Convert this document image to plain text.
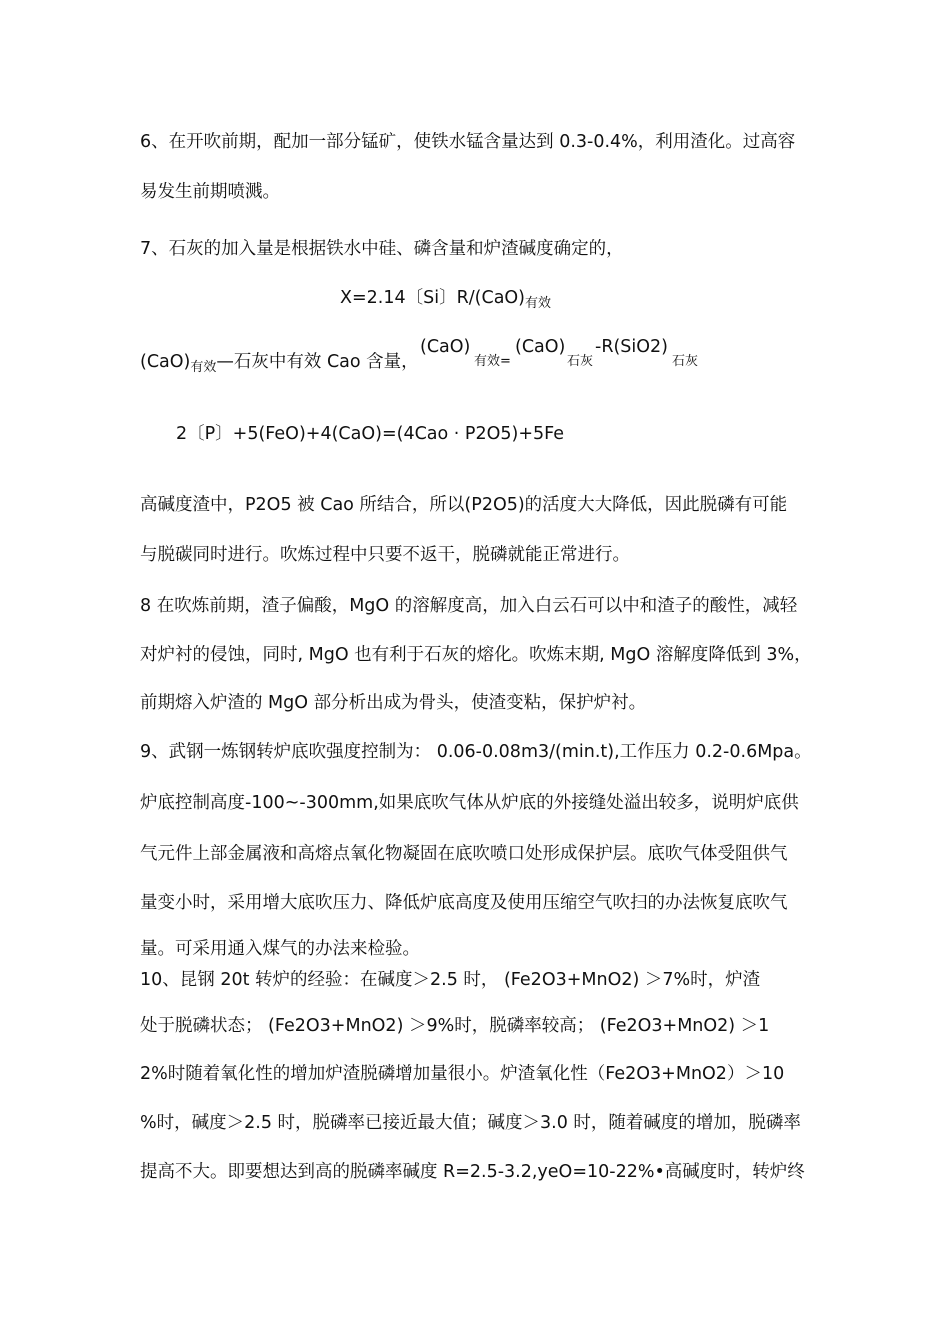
6、在开吹前期，配加一部分锰矿，使铁水锰含量达到 0.3-0.4%，利用渣化。过高容
易发生前期喷溅。
7、石灰的加入量是根据铁水中硅、磷含量和炉渣碱度确定的，
X=2.14〔Si〕$R/(CaO)_{有效}$
$(CaO)_{有效}—$石灰中有效 Cao 含量，
(CaO)
有效=
(CaO)
石灰
-R(SiO2)
石灰
2〔P〕+5(FeO)+4(CaO)=(4Cao · P2O5)+5Fe
高碱度渣中，P2O5 被 Cao 所结合，所以(P2O5)的活度大大降低，因此脱磷有可能
与脱碳同时进行。吹炼过程中只要不返干，脱磷就能正常进行。
8 在吹炼前期，渣子偏酸，MgO 的溶解度高，加入白云石可以中和渣子的酸性，减轻
对炉衬的侵蚀，同时, MgO 也有利于石灰的熔化。吹炼末期, MgO 溶解度降低到 3%，
前期熔入炉渣的 MgO 部分析出成为骨头，使渣变粘，保护炉衬。
9、武钢一炼钢转炉底吹强度控制为： 0.06-0.08m3/(min.t),工作压力 0.2-0.6Mpa。
炉底控制高度-100~-300mm,如果底吹气体从炉底的外接缝处溢出较多，说明炉底供
气元件上部金属液和高熔点氧化物凝固在底吹喷口处形成保护层。底吹气体受阻供气
量变小时，采用增大底吹压力、降低炉底高度及使用压缩空气吹扫的办法恢复底吹气
量。可采用通入煤气的办法来检验。
10、昆钢 20t 转炉的经验：在碱度＞2.5 时， (Fe2O3+MnO2) ＞7%时，炉渣
处于脱磷状态； (Fe2O3+MnO2) ＞9%时，脱磷率较高； (Fe2O3+MnO2) ＞1
2%时随着氧化性的增加炉渣脱磷增加量很小。炉渣氧化性（Fe2O3+MnO2）＞10
%时，碱度＞2.5 时，脱磷率已接近最大值；碱度＞3.0 时，随着碱度的增加，脱磷率
提高不大。即要想达到高的脱磷率碱度 R=2.5-3.2,yeO=10-22%•高碱度时，转炉终
